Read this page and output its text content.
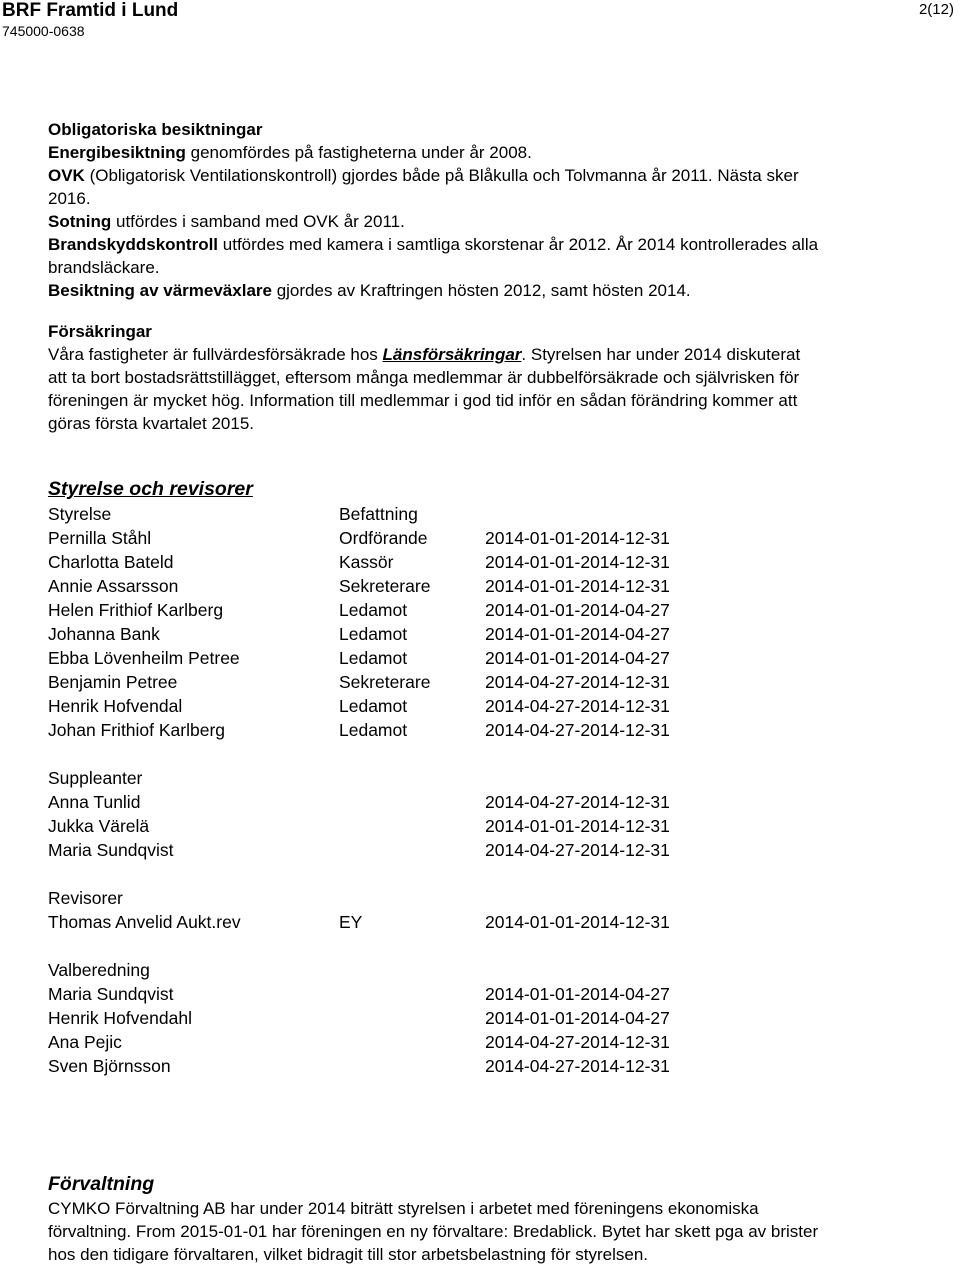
BRF Framtid i Lund
745000-0638
2(12)
Obligatoriska besiktningar
Energibesiktning genomfördes på fastigheterna under år 2008.
OVK (Obligatorisk Ventilationskontroll) gjordes både på Blåkulla och Tolvmanna år 2011. Nästa sker
2016.
Sotning utfördes i samband med OVK år 2011.
Brandskyddskontroll utfördes med kamera i samtliga skorstenar år 2012. År 2014 kontrollerades alla
brandsläckare.
Besiktning av värmeväxlare gjordes av Kraftringen hösten 2012, samt hösten 2014.
Försäkringar
Våra fastigheter är fullvärdesförsäkrade hos Länsförsäkringar. Styrelsen har under 2014 diskuterat
att ta bort bostadsrättstillägget, eftersom många medlemmar är dubbelförsäkrade och självrisken för
föreningen är mycket hög. Information till medlemmar i god tid inför en sådan förändring kommer att
göras första kvartalet 2015.
Styrelse och revisorer
Styrelse	Befattning
Pernilla Ståhl	Ordförande	2014-01-01-2014-12-31
Charlotta Bateld	Kassör	2014-01-01-2014-12-31
Annie Assarsson	Sekreterare	2014-01-01-2014-12-31
Helen Frithiof Karlberg	Ledamot	2014-01-01-2014-04-27
Johanna Bank	Ledamot	2014-01-01-2014-04-27
Ebba Lövenheilm Petree	Ledamot	2014-01-01-2014-04-27
Benjamin Petree	Sekreterare	2014-04-27-2014-12-31
Henrik Hofvendal	Ledamot	2014-04-27-2014-12-31
Johan Frithiof Karlberg	Ledamot	2014-04-27-2014-12-31
Suppleanter
Anna Tunlid	2014-04-27-2014-12-31
Jukka Värelä	2014-01-01-2014-12-31
Maria Sundqvist	2014-04-27-2014-12-31
Revisorer
Thomas Anvelid Aukt.rev	EY	2014-01-01-2014-12-31
Valberedning
Maria Sundqvist	2014-01-01-2014-04-27
Henrik Hofvendahl	2014-01-01-2014-04-27
Ana Pejic	2014-04-27-2014-12-31
Sven Björnsson	2014-04-27-2014-12-31
Förvaltning
CYMKO Förvaltning AB har under 2014 biträtt styrelsen i arbetet med föreningens ekonomiska
förvaltning. From 2015-01-01 har föreningen en ny förvaltare: Bredablick. Bytet har skett pga av brister
hos den tidigare förvaltaren, vilket bidragit till stor arbetsbelastning för styrelsen.
